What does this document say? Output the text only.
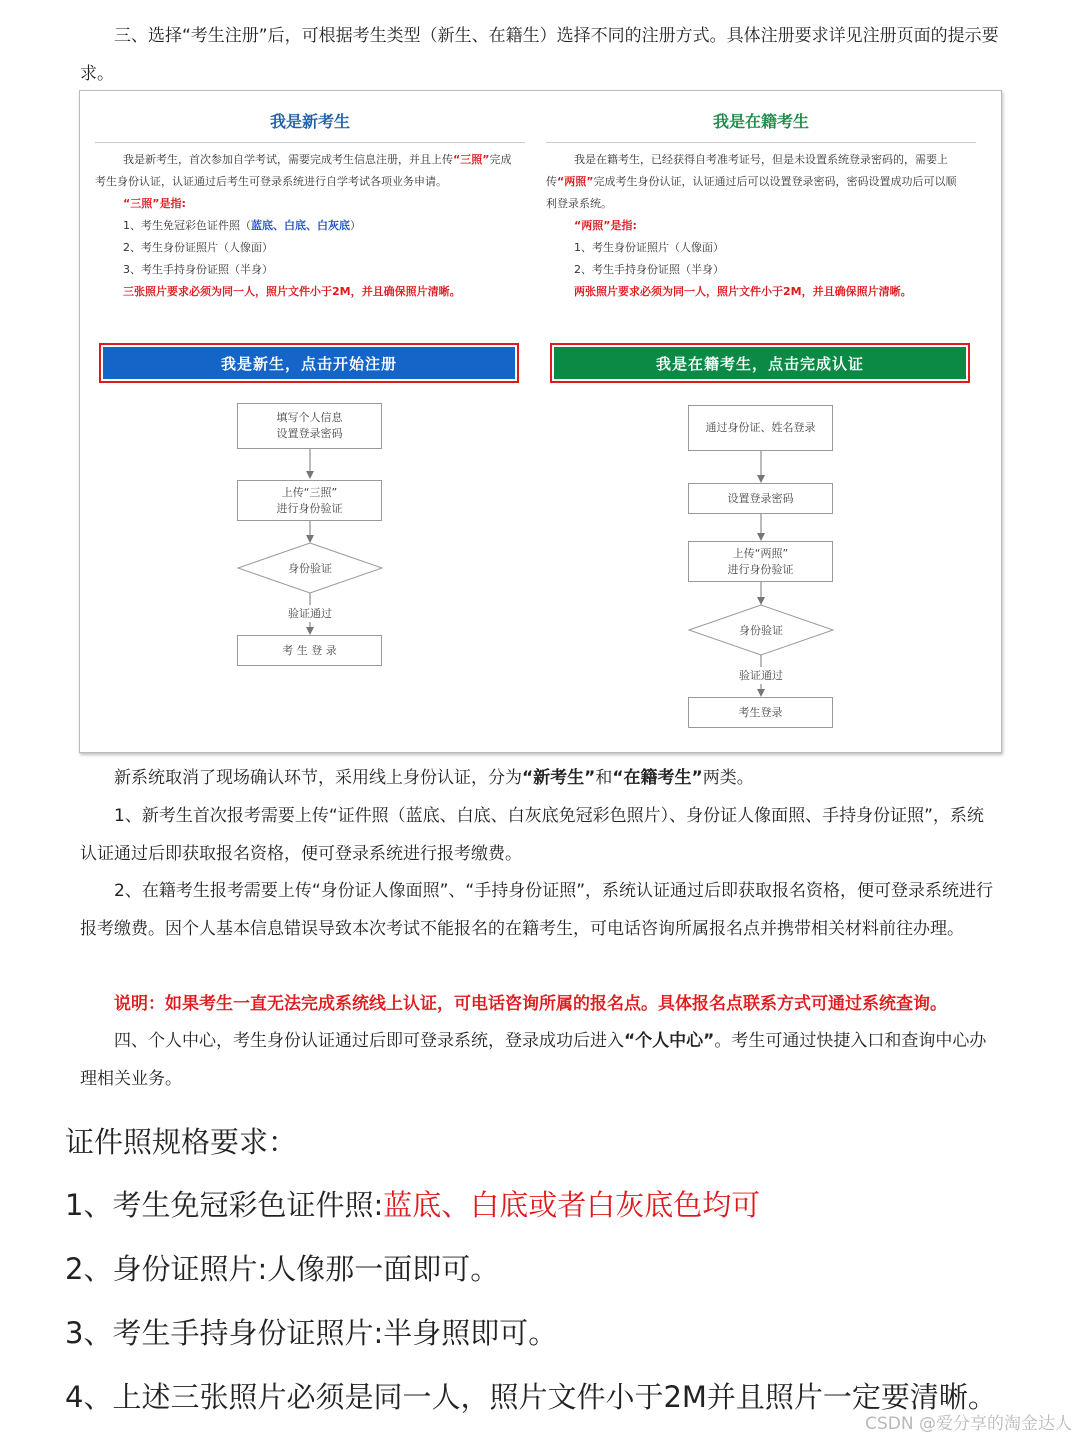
三、选择“考生注册”后，可根据考生类型（新生、在籍生）选择不同的注册方式。具体注册要求详见注册页面的提示要求。

我是新考生
我是新考生，首次参加自学考试，需要完成考生信息注册，并且上传“三照”完成考生身份认证，认证通过后考生可登录系统进行自学考试各项业务申请。
“三照”是指:
1、考生免冠彩色证件照（蓝底、白底、白灰底）
2、考生身份证照片（人像面）
3、考生手持身份证照（半身）
三张照片要求必须为同一人，照片文件小于2M，并且确保照片清晰。
我是新生，点击开始注册
填写个人信息
设置登录密码
上传“三照”
进行身份验证
身份验证
验证通过
考 生 登 录
我是在籍考生
我是在籍考生，已经获得自考准考证号，但是未设置系统登录密码的，需要上传“两照”完成考生身份认证，认证通过后可以设置登录密码，密码设置成功后可以顺利登录系统。
“两照”是指:
1、考生身份证照片（人像面）
2、考生手持身份证照（半身）
两张照片要求必须为同一人，照片文件小于2M，并且确保照片清晰。
我是在籍考生，点击完成认证
通过身份证、姓名登录
设置登录密码
上传“两照”
进行身份验证
身份验证
验证通过
考生登录

新系统取消了现场确认环节，采用线上身份认证，分为“新考生”和“在籍考生”两类。

1、新考生首次报考需要上传“证件照（蓝底、白底、白灰底免冠彩色照片）、身份证人像面照、手持身份证照”，系统认证通过后即获取报名资格，便可登录系统进行报考缴费。

2、在籍考生报考需要上传“身份证人像面照”、“手持身份证照”，系统认证通过后即获取报名资格，便可登录系统进行报考缴费。因个人基本信息错误导致本次考试不能报名的在籍考生，可电话咨询所属报名点并携带相关材料前往办理。

说明：如果考生一直无法完成系统线上认证，可电话咨询所属的报名点。具体报名点联系方式可通过系统查询。

四、个人中心，考生身份认证通过后即可登录系统，登录成功后进入“个人中心”。考生可通过快捷入口和查询中心办理相关业务。

证件照规格要求：

1、考生免冠彩色证件照:蓝底、白底或者白灰底色均可

2、身份证照片:人像那一面即可。

3、考生手持身份证照片:半身照即可。

4、上述三张照片必须是同一人，照片文件小于2M并且照片一定要清晰。

CSDN @爱分享的淘金达人
